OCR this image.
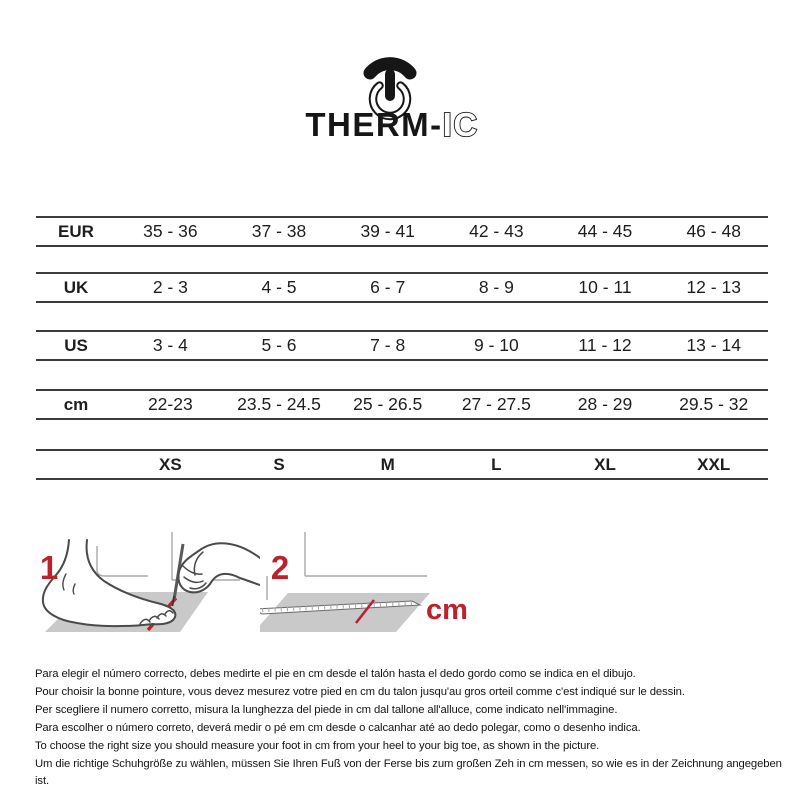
THERM-IC
EUR	35 - 36	37 - 38	39 - 41	42 - 43	44 - 45	46 - 48
UK	2 - 3	4 - 5	6 - 7	8 - 9	10 - 11	12 - 13
US	3 - 4	5 - 6	7 - 8	9 - 10	11 - 12	13 - 14
cm	22-23	23.5 - 24.5	25 - 26.5	27 - 27.5	28 - 29	29.5 - 32
XS	S	M	L	XL	XXL
1
cm
2

Para elegir el número correcto, debes medirte el pie en cm desde el talón hasta el dedo gordo como se indica en el dibujo.

Pour choisir la bonne pointure, vous devez mesurez votre pied en cm du talon jusqu'au gros orteil comme c'est indiqué sur le dessin.

Per scegliere il numero corretto, misura la lunghezza del piede in cm dal tallone all'alluce, come indicato nell'immagine.

Para escolher o número correto, deverá medir o pé em cm desde o calcanhar até ao dedo polegar, como o desenho indica.

To choose the right size you should measure your foot in cm from your heel to your big toe, as shown in the picture.

Um die richtige Schuhgröße zu wählen, müssen Sie Ihren Fuß von der Ferse bis zum großen Zeh in cm messen, so wie es in der Zeichnung angegeben ist.
